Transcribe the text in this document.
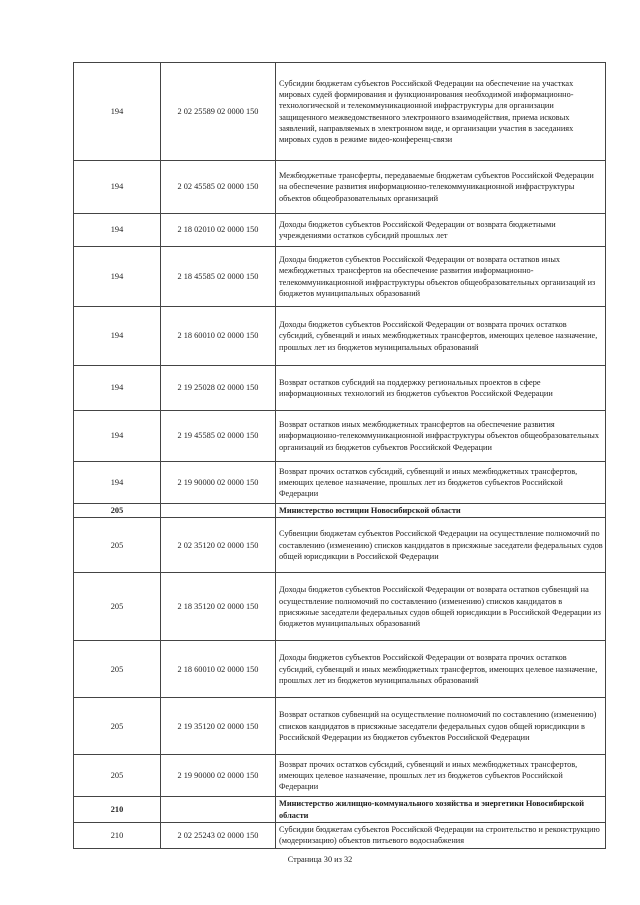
194	2 02 25589 02 0000 150	Субсидии бюджетам субъектов Российской Федерации на обеспечение на участках мировых судей формирования и функционирования необходимой информационно-технологической и телекоммуникационной инфраструктуры для организации защищенного межведомственного электронного взаимодействия, приема исковых заявлений, направляемых в электронном виде, и организации участия в заседаниях мировых судов в режиме видео-конференц-связи
194	2 02 45585 02 0000 150	Межбюджетные трансферты, передаваемые бюджетам субъектов Российской Федерации на обеспечение развития информационно-телекоммуникационной инфраструктуры объектов общеобразовательных организаций
194	2 18 02010 02 0000 150	Доходы бюджетов субъектов Российской Федерации от возврата бюджетными учреждениями остатков субсидий прошлых лет
194	2 18 45585 02 0000 150	Доходы бюджетов субъектов Российской Федерации от возврата остатков иных межбюджетных трансфертов на обеспечение развития информационно-телекоммуникационной инфраструктуры объектов общеобразовательных организаций из бюджетов муниципальных образований
194	2 18 60010 02 0000 150	Доходы бюджетов субъектов Российской Федерации от возврата прочих остатков субсидий, субвенций и иных межбюджетных трансфертов, имеющих целевое назначение, прошлых лет из бюджетов муниципальных образований
194	2 19 25028 02 0000 150	Возврат остатков субсидий на поддержку региональных проектов в сфере информационных технологий из бюджетов субъектов Российской Федерации
194	2 19 45585 02 0000 150	Возврат остатков иных межбюджетных трансфертов на обеспечение развития информационно-телекоммуникационной инфраструктуры объектов общеобразовательных организаций из бюджетов субъектов Российской Федерации
194	2 19 90000 02 0000 150	Возврат прочих остатков субсидий, субвенций и иных межбюджетных трансфертов, имеющих целевое назначение, прошлых лет из бюджетов субъектов Российской Федерации
205		Министерство юстиции Новосибирской области
205	2 02 35120 02 0000 150	Субвенции бюджетам субъектов Российской Федерации на осуществление полномочий по составлению (изменению) списков кандидатов в присяжные заседатели федеральных судов общей юрисдикции в Российской Федерации
205	2 18 35120 02 0000 150	Доходы бюджетов субъектов Российской Федерации от возврата остатков субвенций на осуществление полномочий по составлению (изменению) списков кандидатов в присяжные заседатели федеральных судов общей юрисдикции в Российской Федерации из бюджетов муниципальных образований
205	2 18 60010 02 0000 150	Доходы бюджетов субъектов Российской Федерации от возврата прочих остатков субсидий, субвенций и иных межбюджетных трансфертов, имеющих целевое назначение, прошлых лет из бюджетов муниципальных образований
205	2 19 35120 02 0000 150	Возврат остатков субвенций на осуществление полномочий по составлению (изменению) списков кандидатов в присяжные заседатели федеральных судов общей юрисдикции в Российской Федерации из бюджетов субъектов Российской Федерации
205	2 19 90000 02 0000 150	Возврат прочих остатков субсидий, субвенций и иных межбюджетных трансфертов, имеющих целевое назначение, прошлых лет из бюджетов субъектов Российской Федерации
210		Министерство жилищно-коммунального хозяйства и энергетики Новосибирской области
210	2 02 25243 02 0000 150	Субсидии бюджетам субъектов Российской Федерации на строительство и реконструкцию (модернизацию) объектов питьевого водоснабжения
Страница 30 из 32
